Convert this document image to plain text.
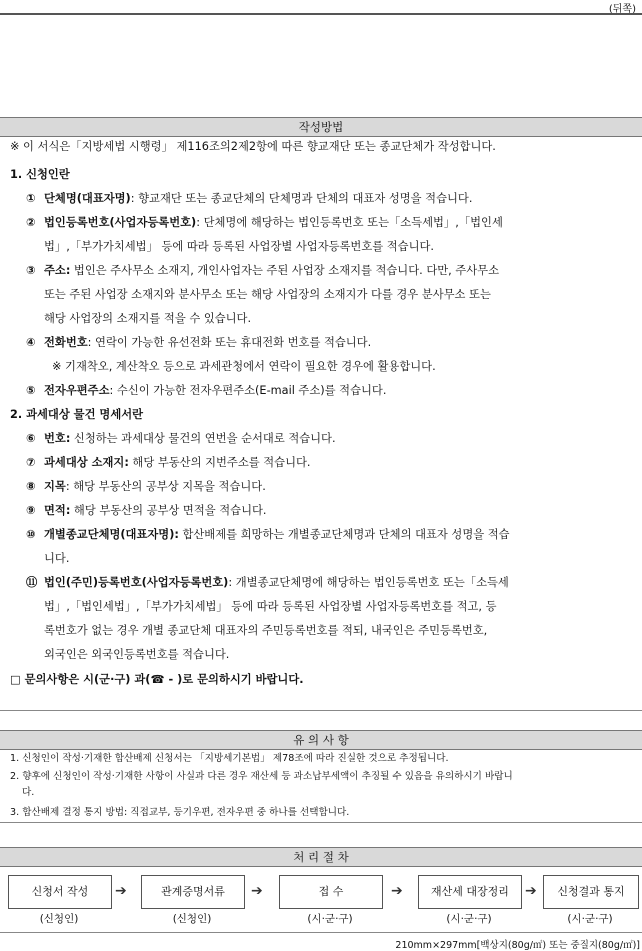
(뒤쪽)
작성방법
※ 이 서식은「지방세법 시행령」 제116조의2제2항에 따른 향교재단 또는 종교단체가 작성합니다.
1. 신청인란
① 단체명(대표자명): 향교재단 또는 종교단체의 단체명과 단체의 대표자 성명을 적습니다.
② 법인등록번호(사업자등록번호): 단체명에 해당하는 법인등록번호 또는「소득세법」,「법인세
법」,「부가가치세법」 등에 따라 등록된 사업장별 사업자등록번호를 적습니다.
③ 주소: 법인은 주사무소 소재지, 개인사업자는 주된 사업장 소재지를 적습니다. 다만, 주사무소
또는 주된 사업장 소재지와 분사무소 또는 해당 사업장의 소재지가 다를 경우 분사무소 또는
해당 사업장의 소재지를 적을 수 있습니다.
④ 전화번호: 연락이 가능한 유선전화 또는 휴대전화 번호를 적습니다.
※ 기재착오, 계산착오 등으로 과세관청에서 연락이 필요한 경우에 활용합니다.
⑤ 전자우편주소: 수신이 가능한 전자우편주소(E-mail 주소)를 적습니다.
2. 과세대상 물건 명세서란
⑥ 번호: 신청하는 과세대상 물건의 연번을 순서대로 적습니다.
⑦ 과세대상 소재지: 해당 부동산의 지번주소를 적습니다.
⑧ 지목: 해당 부동산의 공부상 지목을 적습니다.
⑨ 면적: 해당 부동산의 공부상 면적을 적습니다.
⑩ 개별종교단체명(대표자명): 합산배제를 희망하는 개별종교단체명과 단체의 대표자 성명을 적습
니다.
⑪ 법인(주민)등록번호(사업자등록번호): 개별종교단체명에 해당하는 법인등록번호 또는「소득세
법」,「법인세법」,「부가가치세법」 등에 따라 등록된 사업장별 사업자등록번호를 적고, 등
록번호가 없는 경우 개별 종교단체 대표자의 주민등록번호를 적되, 내국인은 주민등록번호,
외국인은 외국인등록번호를 적습니다.
□ 문의사항은 시(군·구) 과(☎ - )로 문의하시기 바랍니다.
유 의 사 항
1. 신청인이 작성·기재한 합산배제 신청서는 「지방세기본법」 제78조에 따라 진실한 것으로 추정됩니다.
2. 향후에 신청인이 작성·기재한 사항이 사실과 다른 경우 재산세 등 과소납부세액이 추징될 수 있음을 유의하시기 바랍니
다.
3. 합산배제 결정 통지 방법: 직접교부, 등기우편, 전자우편 중 하나를 선택합니다.
처 리 절 차
신청서 작성	➔	관계증명서류	➔	접 수	➔	재산세 대장정리	➔	신청결과 통지
(신청인)	(신청인)	(시·군·구)	(시·군·구)	(시·군·구)
210mm×297mm[백상지(80g/㎡) 또는 중질지(80g/㎡)]
